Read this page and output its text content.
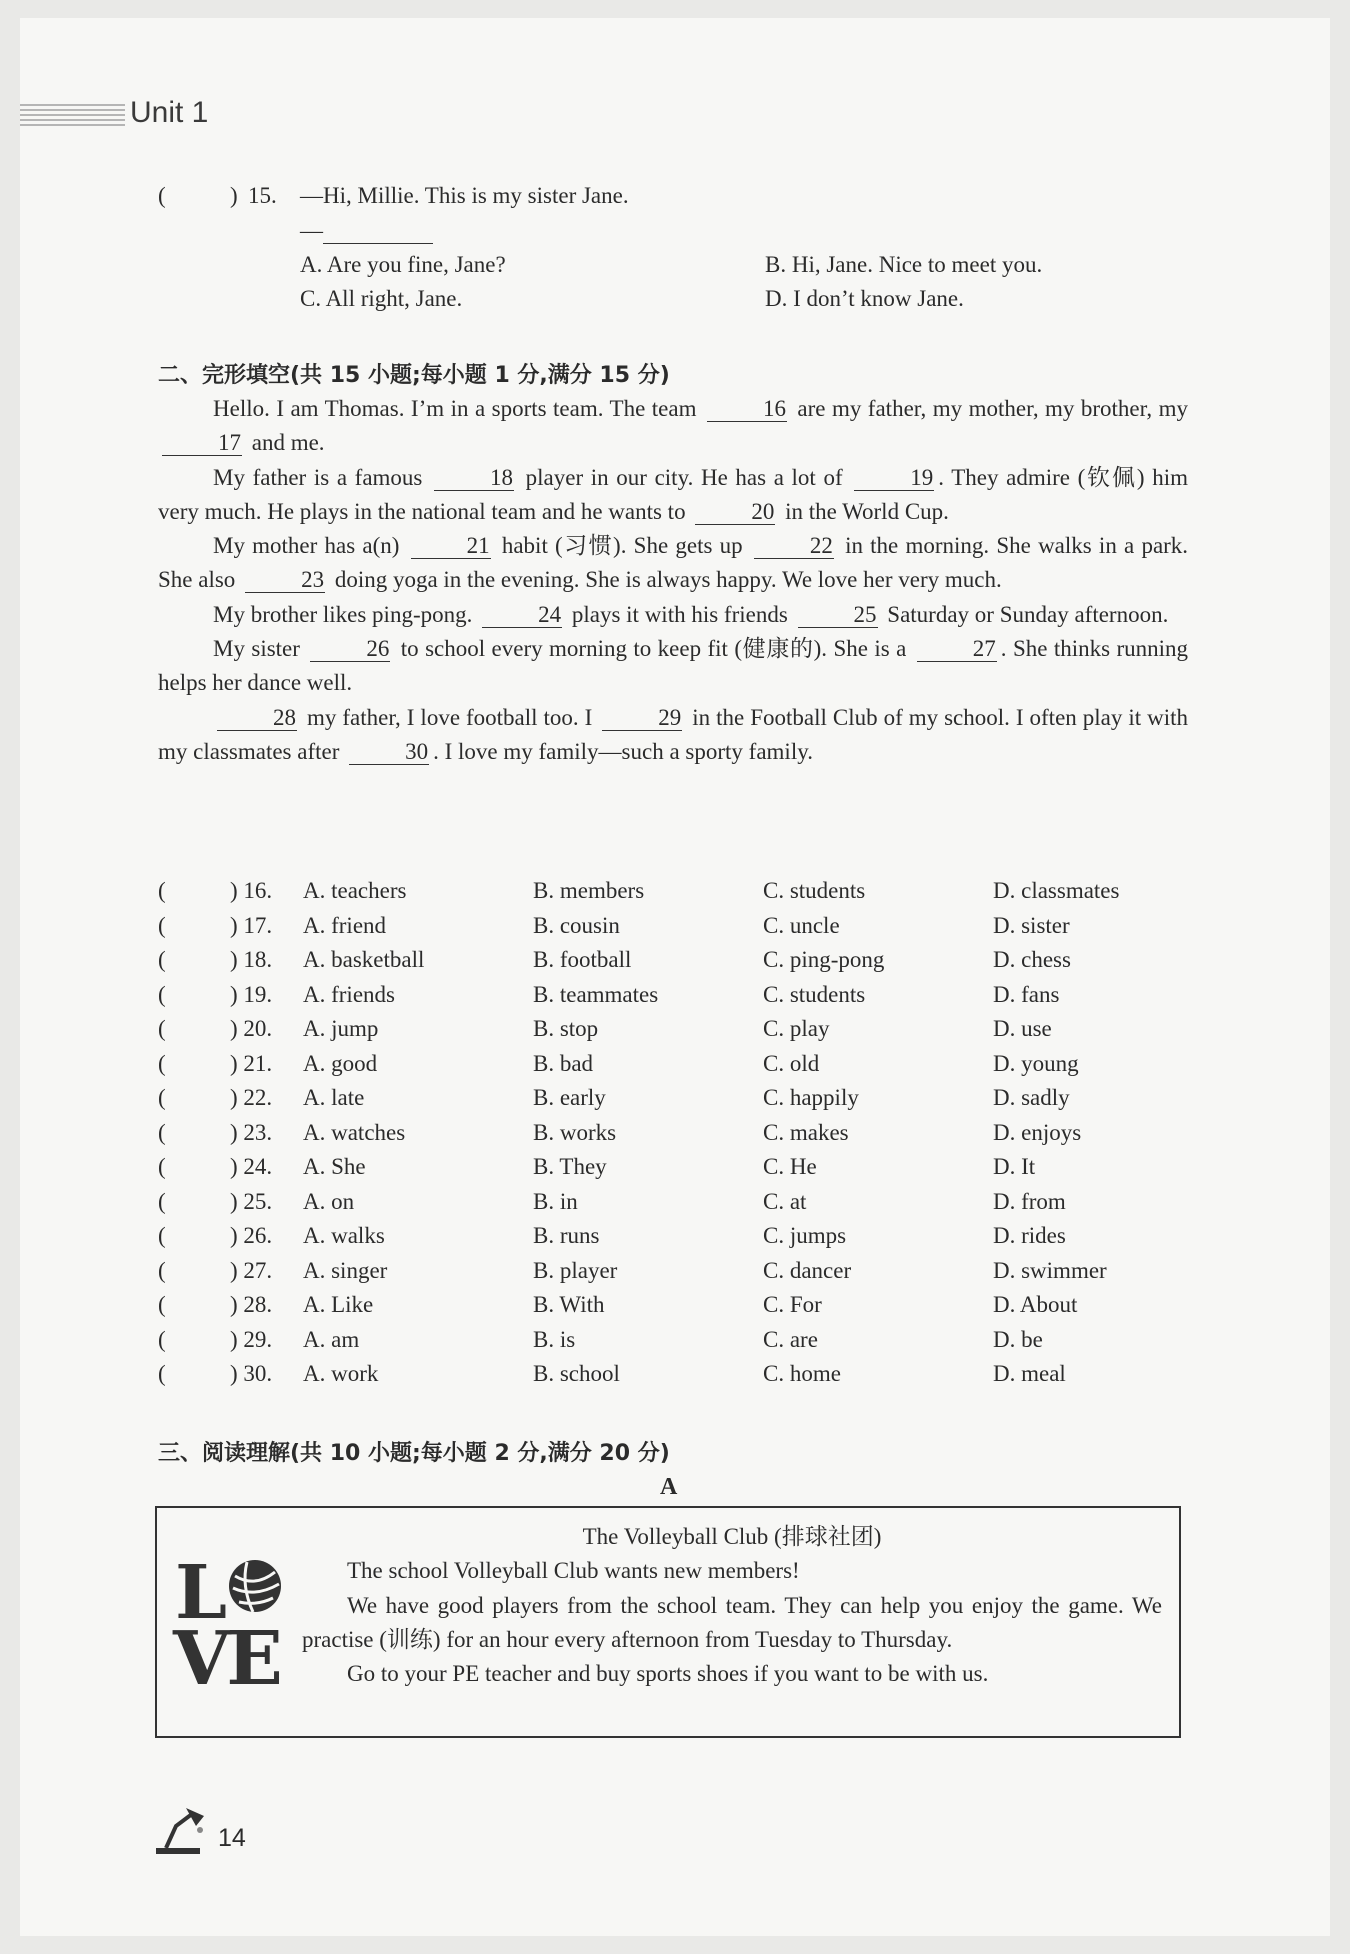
Unit 1
(	) 15. —Hi, Millie. This is my sister Jane.
—
A. Are you fine, Jane?	B. Hi, Jane. Nice to meet you.
C. All right, Jane.	D. I don’t know Jane.
二、完形填空(共 15 小题;每小题 1 分,满分 15 分)

Hello. I am Thomas. I’m in a sports team. The team	16 are my father, my mother, my brother, my 17 and me.

My father is a famous	18 player in our city. He has a lot of	19 . They admire (钦佩) him very much. He plays in the national team and he wants to	20 in the World Cup.

My mother has a(n)	21 habit (习惯). She gets up	22 in the morning. She walks in a park. She also	23 doing yoga in the evening. She is always happy. We love her very much.

My brother likes ping-pong.	24 plays it with his friends	25 Saturday or Sunday afternoon.

My sister	26 to school every morning to keep fit (健康的). She is a	27 . She thinks running helps her dance well.

28 my father, I love football too. I	29 in the Football Club of my school. I often play it with my classmates after	30 . I love my family—such a sporty family.

(	) 16. A. teachers	B. members	C. students	D. classmates
(	) 17. A. friend	B. cousin	C. uncle	D. sister
(	) 18. A. basketball	B. football	C. ping-pong	D. chess
(	) 19. A. friends	B. teammates	C. students	D. fans
(	) 20. A. jump	B. stop	C. play	D. use
(	) 21. A. good	B. bad	C. old	D. young
(	) 22. A. late	B. early	C. happily	D. sadly
(	) 23. A. watches	B. works	C. makes	D. enjoys
(	) 24. A. She	B. They	C. He	D. It
(	) 25. A. on	B. in	C. at	D. from
(	) 26. A. walks	B. runs	C. jumps	D. rides
(	) 27. A. singer	B. player	C. dancer	D. swimmer
(	) 28. A. Like	B. With	C. For	D. About
(	) 29. A. am	B. is	C. are	D. be
(	) 30. A. work	B. school	C. home	D. meal
三、阅读理解(共 10 小题;每小题 2 分,满分 20 分)
A
L
VE

The Volleyball Club (排球社团)

The school Volleyball Club wants new members!

We have good players from the school team. They can help you enjoy the game. We practise (训练) for an hour every afternoon from Tuesday to Thursday.

Go to your PE teacher and buy sports shoes if you want to be with us.

14
